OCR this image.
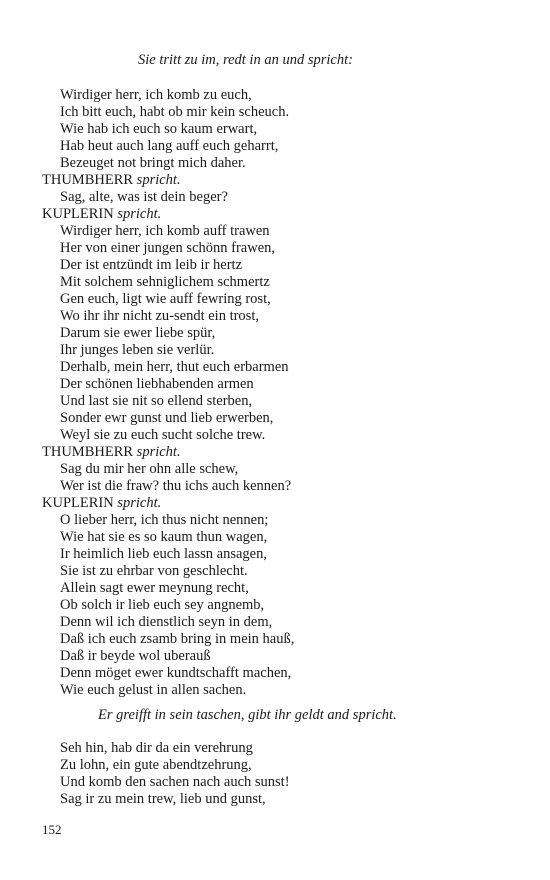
Sie tritt zu im, redt in an und spricht:
Wirdiger herr, ich komb zu euch,
Ich bitt euch, habt ob mir kein scheuch.
Wie hab ich euch so kaum erwart,
Hab heut auch lang auff euch geharrt,
Bezeuget not bringt mich daher.
THUMBHERR spricht.
Sag, alte, was ist dein beger?
KUPLERIN spricht.
Wirdiger herr, ich komb auff trawen
Her von einer jungen schönn frawen,
Der ist entzündt im leib ir hertz
Mit solchem sehniglichem schmertz
Gen euch, ligt wie auff fewring rost,
Wo ihr ihr nicht zu-sendt ein trost,
Darum sie ewer liebe spür,
Ihr junges leben sie verlür.
Derhalb, mein herr, thut euch erbarmen
Der schönen liebhabenden armen
Und last sie nit so ellend sterben,
Sonder ewr gunst und lieb erwerben,
Weyl sie zu euch sucht solche trew.
THUMBHERR spricht.
Sag du mir her ohn alle schew,
Wer ist die fraw? thu ichs auch kennen?
KUPLERIN spricht.
O lieber herr, ich thus nicht nennen;
Wie hat sie es so kaum thun wagen,
Ir heimlich lieb euch lassn ansagen,
Sie ist zu ehrbar von geschlecht.
Allein sagt ewer meynung recht,
Ob solch ir lieb euch sey angnemb,
Denn wil ich dienstlich seyn in dem,
Daß ich euch zsamb bring in mein hauß,
Daß ir beyde wol uberauß
Denn möget ewer kundtschafft machen,
Wie euch gelust in allen sachen.
Er greifft in sein taschen, gibt ihr geldt and spricht.
Seh hin, hab dir da ein verehrung
Zu lohn, ein gute abendtzehrung,
Und komb den sachen nach auch sunst!
Sag ir zu mein trew, lieb und gunst,
152
